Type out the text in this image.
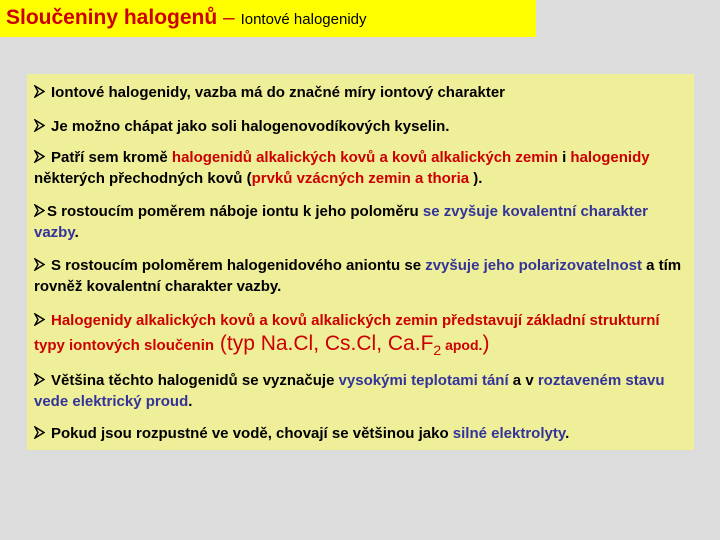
Sloučeniny halogenů – Iontové halogenidy
Iontové halogenidy, vazba má do značné míry iontový charakter
Je možno chápat jako soli halogenovodíkových kyselin.
Patří sem kromě halogenidů alkalických kovů a kovů alkalických zemin i halogenidy některých přechodných kovů (prvků vzácných zemin a thoria ).
S rostoucím poměrem náboje iontu k jeho poloměru se zvyšuje kovalentní charakter vazby.
S rostoucím poloměrem halogenidového aniontu se zvyšuje jeho polarizovatelnost a tím rovněž kovalentní charakter vazby.
Halogenidy alkalických kovů a kovů alkalických zemin představují základní strukturní typy iontových sloučenin (typ Na.Cl, Cs.Cl, $Ca.F_2$ apod.)
Většina těchto halogenidů se vyznačuje vysokými teplotami tání a v roztaveném stavu vede elektrický proud.
Pokud jsou rozpustné ve vodě, chovají se většinou jako silné elektrolyty.
